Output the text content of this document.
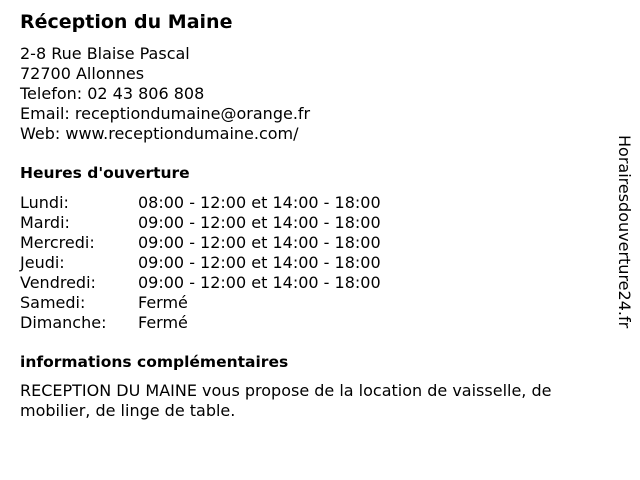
Réception du Maine
2-8 Rue Blaise Pascal
72700 Allonnes
Telefon: 02 43 806 808
Email: receptiondumaine@orange.fr
Web: www.receptiondumaine.com/
Heures d'ouverture
Lundi:	08:00 - 12:00 et 14:00 - 18:00
Mardi:	09:00 - 12:00 et 14:00 - 18:00
Mercredi:	09:00 - 12:00 et 14:00 - 18:00
Jeudi:	09:00 - 12:00 et 14:00 - 18:00
Vendredi:	09:00 - 12:00 et 14:00 - 18:00
Samedi:	Fermé
Dimanche:	Fermé
informations complémentaires
RECEPTION DU MAINE vous propose de la location de vaisselle, de mobilier, de linge de table.
Horairesdouverture24.fr
